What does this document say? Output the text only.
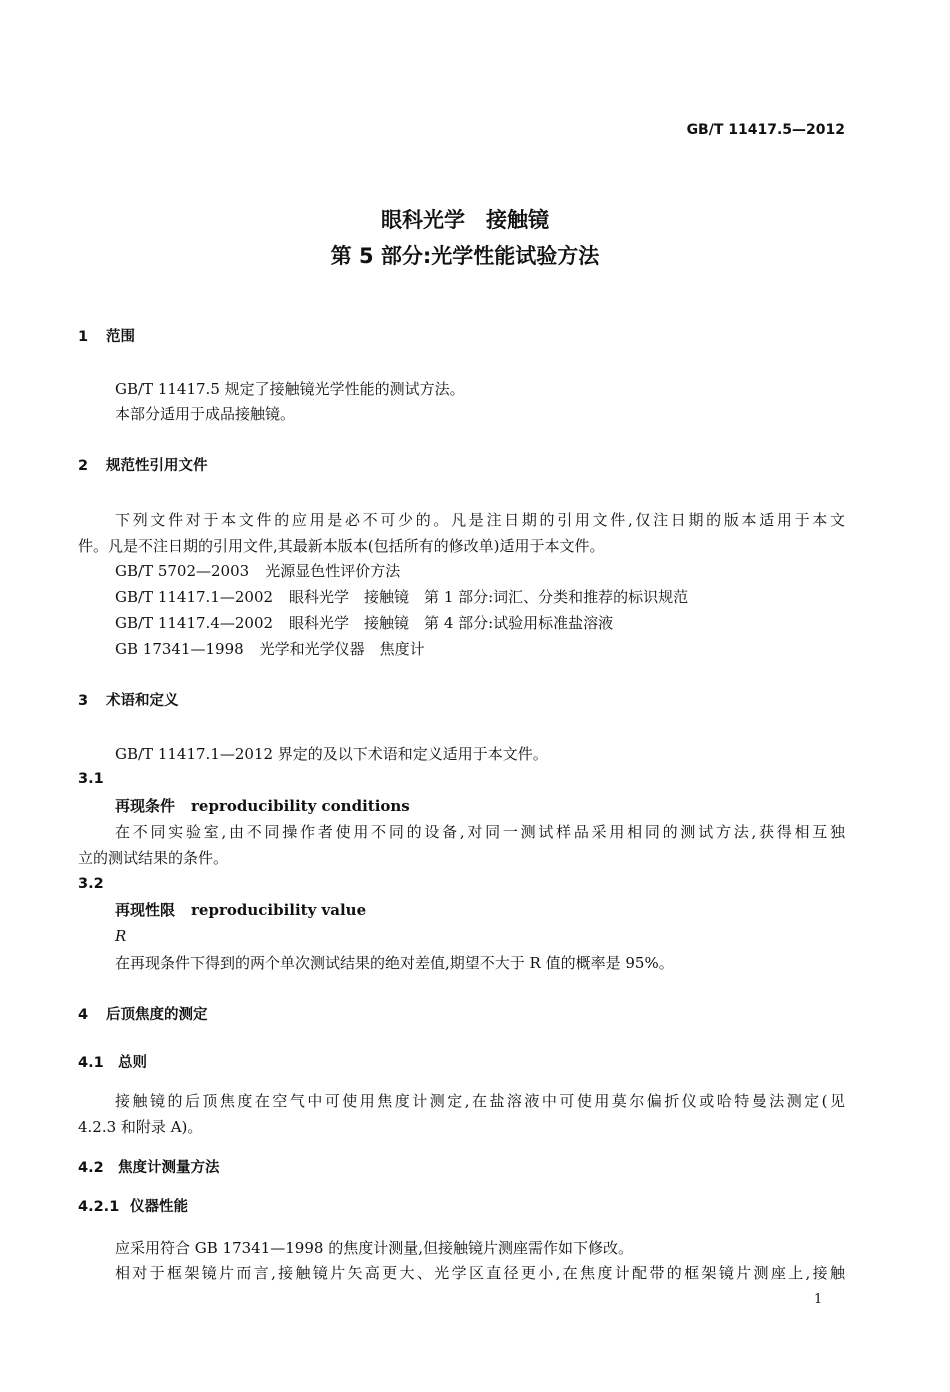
GB/T 11417.5—2012
眼科光学　接触镜
第 5 部分:光学性能试验方法
1 范围
GB/T 11417.5 规定了接触镜光学性能的测试方法。
本部分适用于成品接触镜。
2 规范性引用文件
下列文件对于本文件的应用是必不可少的。凡是注日期的引用文件,仅注日期的版本适用于本文
件。凡是不注日期的引用文件,其最新本版本(包括所有的修改单)适用于本文件。
GB/T 5702—2003 光源显色性评价方法
GB/T 11417.1—2002 眼科光学　接触镜　第 1 部分:词汇、分类和推荐的标识规范
GB/T 11417.4—2002 眼科光学　接触镜　第 4 部分:试验用标准盐溶液
GB 17341—1998 光学和光学仪器　焦度计
3 术语和定义
GB/T 11417.1—2012 界定的及以下术语和定义适用于本文件。
3.1
再现条件 reproducibility conditions
在不同实验室,由不同操作者使用不同的设备,对同一测试样品采用相同的测试方法,获得相互独
立的测试结果的条件。
3.2
再现性限 reproducibility value
R
在再现条件下得到的两个单次测试结果的绝对差值,期望不大于 R 值的概率是 95%。
4 后顶焦度的测定
4.1 总则
接触镜的后顶焦度在空气中可使用焦度计测定,在盐溶液中可使用莫尔偏折仪或哈特曼法测定(见
4.2.3 和附录 A)。
4.2 焦度计测量方法
4.2.1 仪器性能
应采用符合 GB 17341—1998 的焦度计测量,但接触镜片测座需作如下修改。
相对于框架镜片而言,接触镜片矢高更大、光学区直径更小,在焦度计配带的框架镜片测座上,接触
1
